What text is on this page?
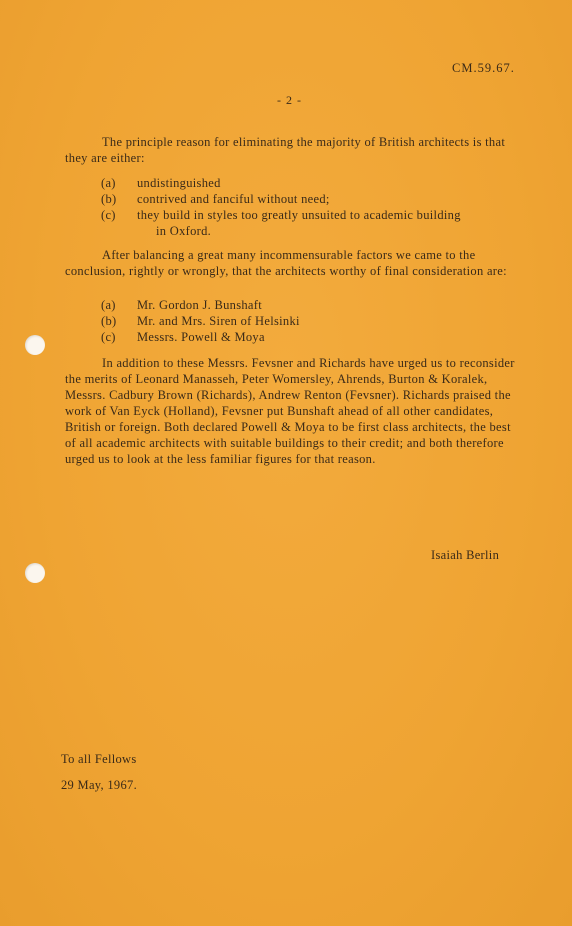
CM.59.67.
- 2 -

The principle reason for eliminating the majority of British architects is that they are either:

(a) undistinguished
(b) contrived and fanciful without need;
(c) they build in styles too greatly unsuited to academic building
in Oxford.

After balancing a great many incommensurable factors we came to the conclusion, rightly or wrongly, that the architects worthy of final consideration are:

(a) Mr. Gordon J. Bunshaft
(b) Mr. and Mrs. Siren of Helsinki
(c) Messrs. Powell & Moya

In addition to these Messrs. Fevsner and Richards have urged us to reconsider the merits of Leonard Manasseh, Peter Womersley, Ahrends, Burton & Koralek, Messrs. Cadbury Brown (Richards), Andrew Renton (Fevsner). Richards praised the work of Van Eyck (Holland), Fevsner put Bunshaft ahead of all other candidates, British or foreign. Both declared Powell & Moya to be first class architects, the best of all academic architects with suitable buildings to their credit; and both therefore urged us to look at the less familiar figures for that reason.

Isaiah Berlin
To all Fellows
29 May, 1967.
